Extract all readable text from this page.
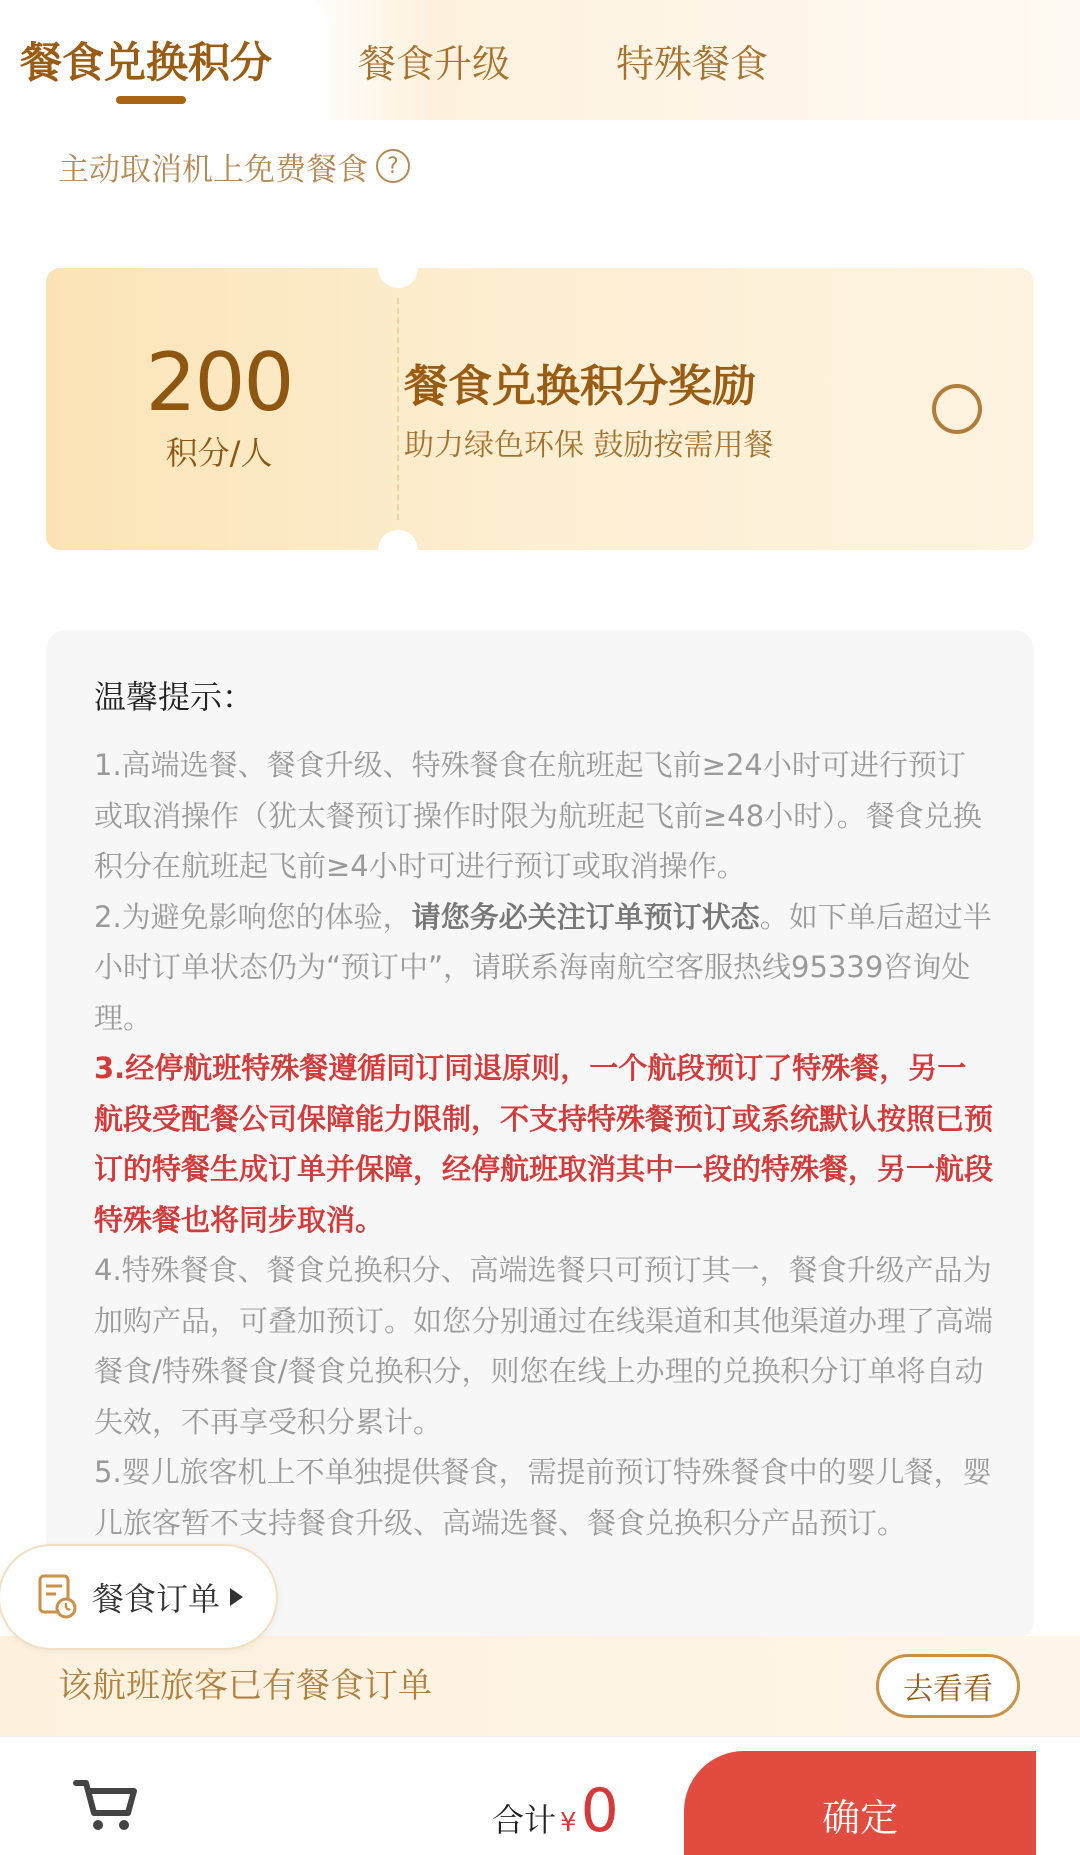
餐食兑换积分 餐食升级	特殊餐食
主动取消机上免费餐食 ?
200
积分/人
餐食兑换积分奖励
助力绿色环保 鼓励按需用餐
温馨提示：

1.高端选餐、餐食升级、特殊餐食在航班起飞前≥24小时可进行预订或取消操作（犹太餐预订操作时限为航班起飞前≥48小时）。餐食兑换积分在航班起飞前≥4小时可进行预订或取消操作。

2.为避免影响您的体验，请您务必关注订单预订状态。如下单后超过半小时订单状态仍为“预订中”，请联系海南航空客服热线95339咨询处理。

3.经停航班特殊餐遵循同订同退原则，一个航段预订了特殊餐，另一航段受配餐公司保障能力限制，不支持特殊餐预订或系统默认按照已预订的特餐生成订单并保障，经停航班取消其中一段的特殊餐，另一航段特殊餐也将同步取消。

4.特殊餐食、餐食兑换积分、高端选餐只可预订其一，餐食升级产品为加购产品，可叠加预订。如您分别通过在线渠道和其他渠道办理了高端餐食/特殊餐食/餐食兑换积分，则您在线上办理的兑换积分订单将自动失效，不再享受积分累计。

5.婴儿旅客机上不单独提供餐食，需提前预订特殊餐食中的婴儿餐，婴儿旅客暂不支持餐食升级、高端选餐、餐食兑换积分产品预订。

该航班旅客已有餐食订单	去看看
餐食订单
合计 ¥ 0	确定
